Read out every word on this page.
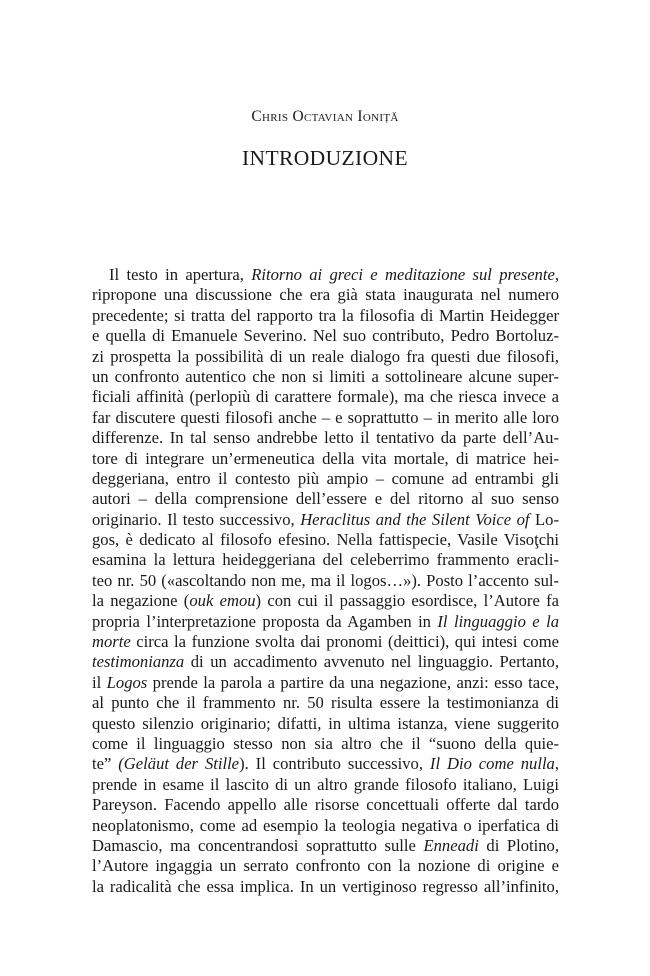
Chris Octavian Ioniță
INTRODUZIONE
Il testo in apertura, Ritorno ai greci e meditazione sul presente,
ripropone una discussione che era già stata inaugurata nel numero
precedente; si tratta del rapporto tra la filosofia di Martin Heidegger
e quella di Emanuele Severino. Nel suo contributo, Pedro Bortoluz-
zi prospetta la possibilità di un reale dialogo fra questi due filosofi,
un confronto autentico che non si limiti a sottolineare alcune super-
ficiali affinità (perlopiù di carattere formale), ma che riesca invece a
far discutere questi filosofi anche – e soprattutto – in merito alle loro
differenze. In tal senso andrebbe letto il tentativo da parte dell’Au-
tore di integrare un’ermeneutica della vita mortale, di matrice hei-
deggeriana, entro il contesto più ampio – comune ad entrambi gli
autori – della comprensione dell’essere e del ritorno al suo senso
originario. Il testo successivo, Heraclitus and the Silent Voice of Lo-
gos, è dedicato al filosofo efesino. Nella fattispecie, Vasile Visoţchi
esamina la lettura heideggeriana del celeberrimo frammento eracli-
teo nr. 50 («ascoltando non me, ma il logos…»). Posto l’accento sul-
la negazione (ouk emou) con cui il passaggio esordisce, l’Autore fa
propria l’interpretazione proposta da Agamben in Il linguaggio e la
morte circa la funzione svolta dai pronomi (deittici), qui intesi come
testimonianza di un accadimento avvenuto nel linguaggio. Pertanto,
il Logos prende la parola a partire da una negazione, anzi: esso tace,
al punto che il frammento nr. 50 risulta essere la testimonianza di
questo silenzio originario; difatti, in ultima istanza, viene suggerito
come il linguaggio stesso non sia altro che il “suono della quie-
te” (Geläut der Stille). Il contributo successivo, Il Dio come nulla,
prende in esame il lascito di un altro grande filosofo italiano, Luigi
Pareyson. Facendo appello alle risorse concettuali offerte dal tardo
neoplatonismo, come ad esempio la teologia negativa o iperfatica di
Damascio, ma concentrandosi soprattutto sulle Enneadi di Plotino,
l’Autore ingaggia un serrato confronto con la nozione di origine e
la radicalità che essa implica. In un vertiginoso regresso all’infinito,
